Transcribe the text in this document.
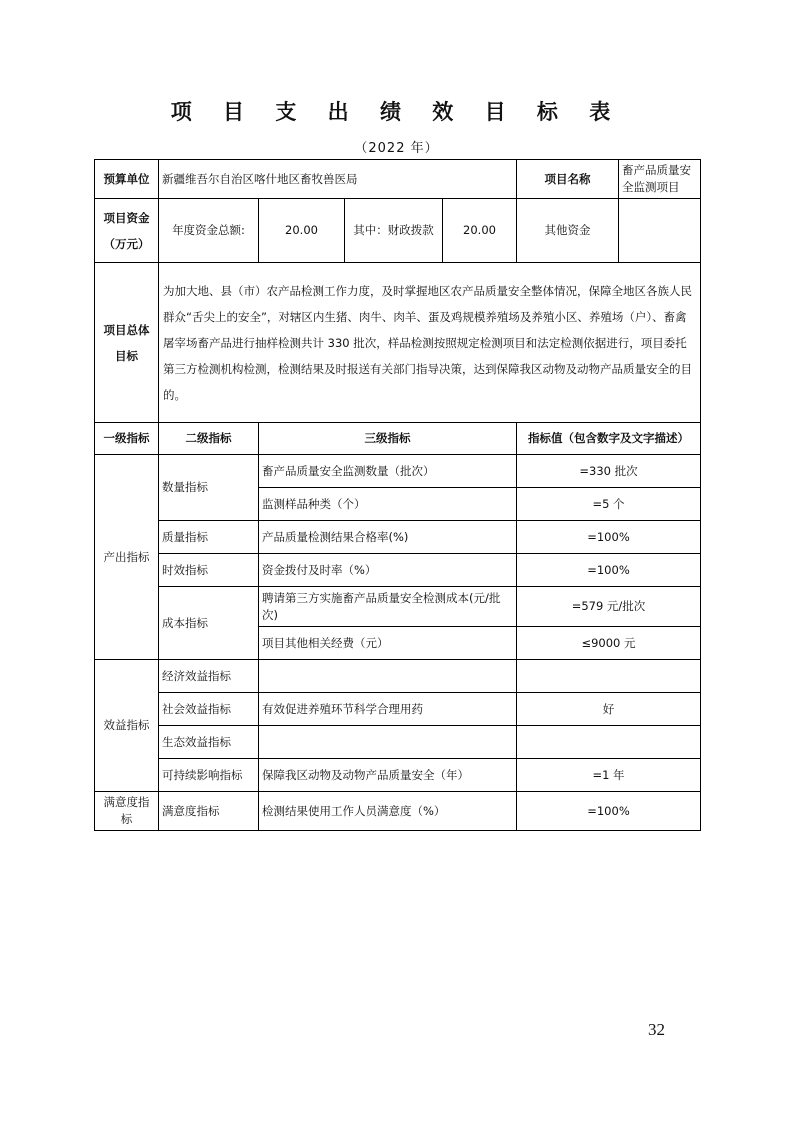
项 目 支 出 绩 效 目 标 表
（2022 年）
预算单位	新疆维吾尔自治区喀什地区畜牧兽医局				项目名称	畜产品质量安全监测项目
项目资金（万元）	年度资金总额:	20.00	其中：财政拨款	20.00	其他资金	
项目总体目标	为加大地、县（市）农产品检测工作力度，及时掌握地区农产品质量安全整体情况，保障全地区各族人民群众“舌尖上的安全”，对辖区内生猪、肉牛、肉羊、蛋及鸡规模养殖场及养殖小区、养殖场（户）、畜禽屠宰场畜产品进行抽样检测共计 330 批次，样品检测按照规定检测项目和法定检测依据进行，项目委托第三方检测机构检测，检测结果及时报送有关部门指导决策，达到保障我区动物及动物产品质量安全的目的。					
一级指标	二级指标	三级指标			指标值（包含数字及文字描述）	
产出指标	数量指标	畜产品质量安全监测数量（批次）			=330 批次	
		监测样品种类（个）			=5 个	
	质量指标	产品质量检测结果合格率(%)			=100%	
	时效指标	资金拨付及时率（%）			=100%	
	成本指标	聘请第三方实施畜产品质量安全检测成本(元/批次)			=579 元/批次	
		项目其他相关经费（元）			≤9000 元	
效益指标	经济效益指标					
	社会效益指标	有效促进养殖环节科学合理用药			好	
	生态效益指标					
	可持续影响指标	保障我区动物及动物产品质量安全（年）			=1 年	
满意度指标	满意度指标	检测结果使用工作人员满意度（%）			=100%	
32
